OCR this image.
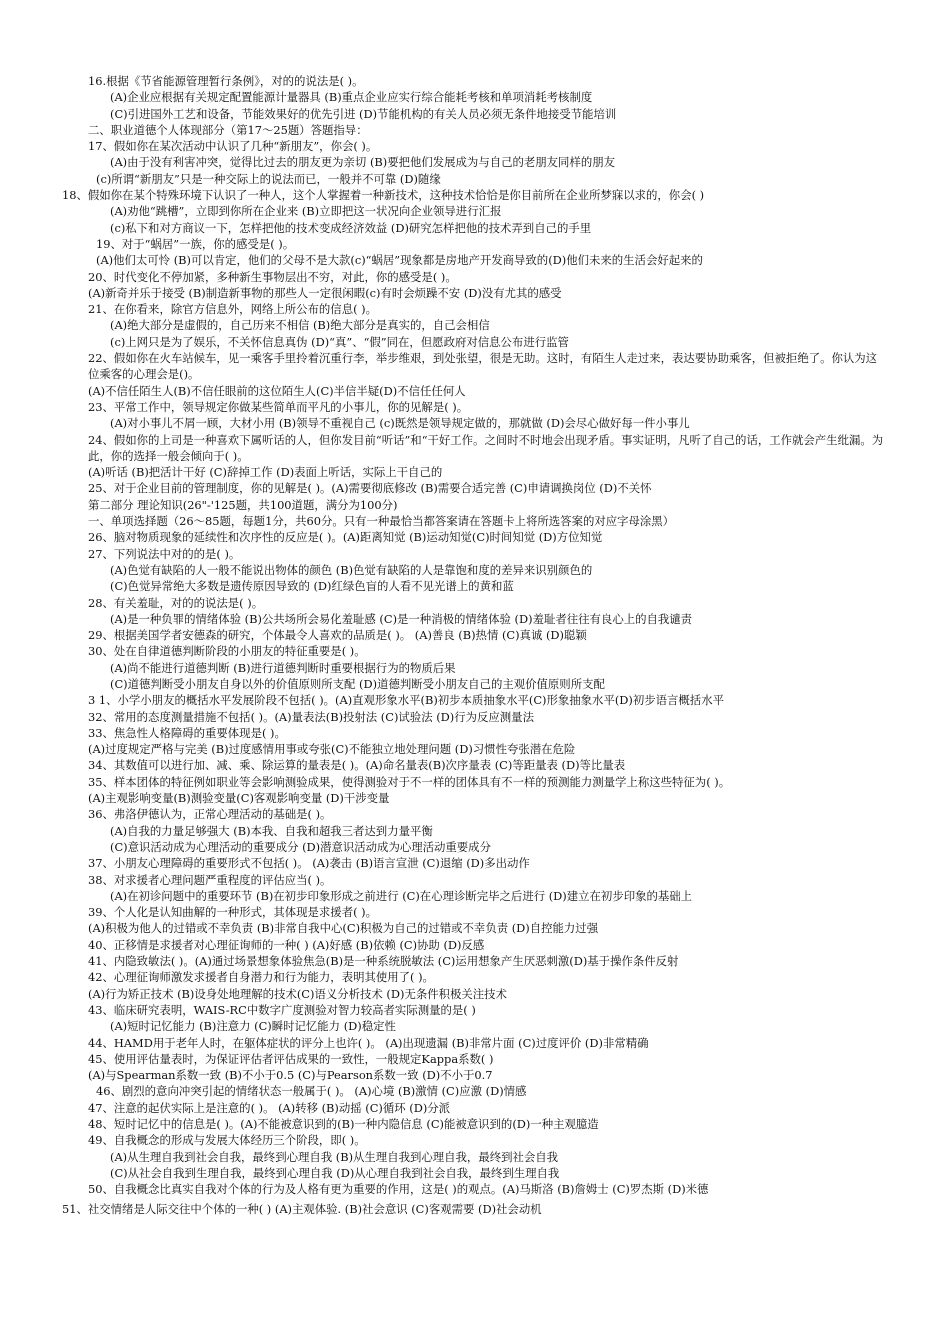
16.根据《节省能源管理暂行条例》，对的的说法是( )。
(A)企业应根据有关规定配置能源计量器具 (B)重点企业应实行综合能耗考核和单项消耗考核制度
(C)引进国外工艺和设备，节能效果好的优先引进 (D)节能机构的有关人员必须无条件地接受节能培训
二、职业道德个人体现部分（第17～25题）答题指导：
17、假如你在某次活动中认识了几种“新朋友”，你会( )。
(A)由于没有利害冲突，觉得比过去的朋友更为亲切 (B)要把他们发展成为与自己的老朋友同样的朋友
(c)所谓“新朋友”只是一种交际上的说法而已，一般并不可靠 (D)随缘
18、假如你在某个特殊环境下认识了一种人，这个人掌握着一种新技术，这种技术恰恰是你目前所在企业所梦寐以求的，你会( )
(A)劝他“跳槽”，立即到你所在企业来 (B)立即把这一状况向企业领导进行汇报
(c)私下和对方商议一下，怎样把他的技术变成经济效益 (D)研究怎样把他的技术弄到自己的手里
19、对于“蜗居”一族，你的感受是( )。
(A)他们太可怜 (B)可以肯定，他们的父母不是大款(c)“蜗居”现象都是房地产开发商导致的(D)他们未来的生活会好起来的
20、时代变化不停加紧，多种新生事物层出不穷，对此，你的感受是( )。
(A)新奇并乐于接受 (B)制造新事物的那些人一定很闲暇(c)有时会烦躁不安 (D)没有尤其的感受
21、在你看来，除官方信息外，网络上所公布的信息( )。
(A)绝大部分是虚假的，自己历来不相信 (B)绝大部分是真实的，自己会相信
(c)上网只是为了娱乐，不关怀信息真伪 (D)“真”、“假”同在，但愿政府对信息公布进行监管
22、假如你在火车站候车，见一乘客手里拎着沉重行李，举步维艰，到处张望，很是无助。这时，有陌生人走过来，表达要协助乘客，但被拒绝了。你认为这位乘客的心理会是()。
(A)不信任陌生人(B)不信任眼前的这位陌生人(C)半信半疑(D)不信任任何人
23、平常工作中，领导规定你做某些简单而平凡的小事儿，你的见解是( )。
(A)对小事儿不屑一顾，大材小用 (B)领导不重视自己 (c)既然是领导规定做的，那就做 (D)会尽心做好每一件小事儿
24、假如你的上司是一种喜欢下属听话的人，但你发目前“听话”和“干好工作。之间时不时地会出现矛盾。事实证明，凡听了自己的话，工作就会产生纰漏。为此，你的选择一般会倾向于( )。
(A)听话 (B)把活计干好 (C)辞掉工作 (D)表面上听话，实际上干自己的
25、对于企业目前的管理制度，你的见解是( )。(A)需要彻底修改 (B)需要合适完善 (C)申请调换岗位 (D)不关怀
第二部分 理论知识(26"-'125题，共100道题，满分为100分)
一、单项选择题（26～85题，每题1分，共60分。只有一种最恰当都答案请在答题卡上将所选答案的对应字母涂黑）
26、脑对物质现象的延续性和次序性的反应是( )。(A)距离知觉 (B)运动知觉(C)时间知觉 (D)方位知觉
27、下列说法中对的的是( )。
(A)色觉有缺陷的人一般不能说出物体的颜色 (B)色觉有缺陷的人是靠饱和度的差异来识别颜色的
(C)色觉异常绝大多数是遗传原因导致的 (D)红绿色盲的人看不见光谱上的黄和蓝
28、有关羞耻，对的的说法是( )。
(A)是一种负罪的情绪体验 (B)公共场所会易化羞耻感 (C)是一种消极的情绪体验 (D)羞耻者往往有良心上的自我谴责
29、根据美国学者安德森的研究，个体最令人喜欢的品质是( )。 (A)善良 (B)热情 (C)真诚 (D)聪颖
30、处在自律道德判断阶段的小朋友的特征重要是( )。
(A)尚不能进行道德判断 (B)进行道德判断时重要根据行为的物质后果
(C)道德判断受小朋友自身以外的价值原则所支配 (D)道德判断受小朋友自己的主观价值原则所支配
3 1、小学小朋友的概括水平发展阶段不包括( )。(A)直观形象水平(B)初步本质抽象水平(C)形象抽象水平(D)初步语言概括水平
32、常用的态度测量措施不包括( )。(A)量表法(B)投射法 (C)试验法 (D)行为反应测量法
33、焦急性人格障碍的重要体现是( )。
(A)过度规定严格与完美 (B)过度感情用事或夸张(C)不能独立地处理问题 (D)习惯性夸张潜在危险
34、其数值可以进行加、减、乘、除运算的量表是( )。(A)命名量表(B)次序量表 (C)等距量表 (D)等比量表
35、样本团体的特征例如职业等会影响测验成果，使得测验对于不一样的团体具有不一样的预测能力测量学上称这些特征为( )。
(A)主观影响变量(B)测验变量(C)客观影响变量 (D)干涉变量
36、弗洛伊德认为，正常心理活动的基础是( )。
(A)自我的力量足够强大 (B)本我、自我和超我三者达到力量平衡
(C)意识活动成为心理活动的重要成分 (D)潜意识活动成为心理活动重要成分
37、小朋友心理障碍的重要形式不包括( )。 (A)袭击 (B)语言宣泄 (C)退缩 (D)多出动作
38、对求援者心理问题严重程度的评估应当( )。
(A)在初诊问题中的重要环节 (B)在初步印象形成之前进行 (C)在心理诊断完毕之后进行 (D)建立在初步印象的基础上
39、个人化是认知曲解的一种形式，其体现是求援者( )。
(A)积极为他人的过错或不幸负责 (B)非常自我中心(C)积极为自己的过错或不幸负责 (D)自控能力过强
40、正移情是求援者对心理征询师的一种( ) (A)好感 (B)依赖 (C)协助 (D)反感
41、内隐致敏法( )。(A)通过场景想象体验焦急(B)是一种系统脱敏法 (C)运用想象产生厌恶刺激(D)基于操作条件反射
42、心理征询师激发求援者自身潜力和行为能力，表明其使用了( )。
(A)行为矫正技术 (B)设身处地理解的技术(C)语义分析技术 (D)无条件积极关注技术
43、临床研究表明，WAIS-RC中数字广度测验对智力较高者实际测量的是( )
(A)短时记忆能力 (B)注意力 (C)瞬时记忆能力 (D)稳定性
44、HAMD用于老年人时，在躯体症状的评分上也许( )。 (A)出现遗漏 (B)非常片面 (C)过度评价 (D)非常精确
45、使用评估量表时，为保证评估者评估成果的一致性，一般规定Kappa系数( )
(A)与Spearman系数一致 (B)不小于0.5 (C)与Pearson系数一致 (D)不小于0.7
46、剧烈的意向冲突引起的情绪状态一般属于( )。 (A)心境 (B)激情 (C)应激 (D)情感
47、注意的起伏实际上是注意的( )。 (A)转移 (B)动摇 (C)循环 (D)分派
48、短时记忆中的信息是( )。(A)不能被意识到的(B)一种内隐信息 (C)能被意识到的(D)一种主观臆造
49、自我概念的形成与发展大体经历三个阶段，即( )。
(A)从生理自我到社会自我，最终到心理自我 (B)从生理自我到心理自我，最终到社会自我
(C)从社会自我到生理自我，最终到心理自我 (D)从心理自我到社会自我，最终到生理自我
50、自我概念比真实自我对个体的行为及人格有更为重要的作用，这是( )的观点。(A)马斯洛 (B)詹姆士 (C)罗杰斯 (D)米德
51、社交情绪是人际交往中个体的一种( ) (A)主观体验. (B)社会意识 (C)客观需要 (D)社会动机
